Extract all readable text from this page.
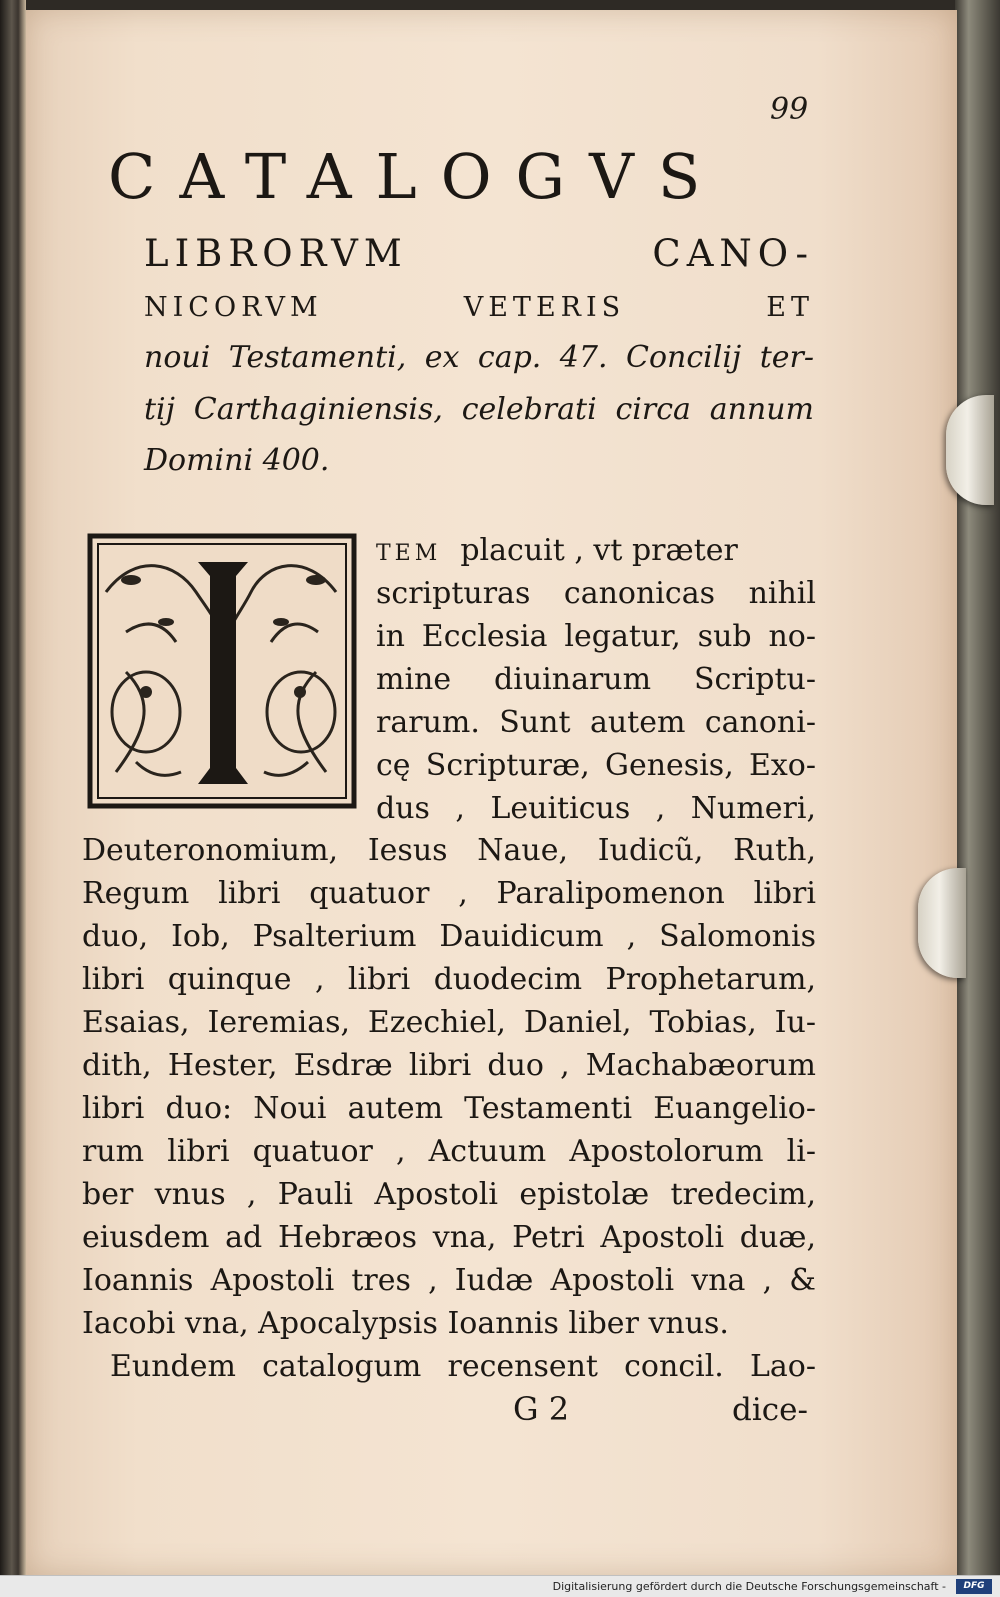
99
CATALOGVS
LIBRORVM CANO-
NICORVM VETERIS ET
noui Testamenti, ex cap. 47. Concilij ter-
tij Carthaginiensis, celebrati circa annum
Domini 400.
TEM placuit , vt præter
scripturas canonicas nihil
in Ecclesia legatur, sub no-
mine diuinarum Scriptu-
rarum. Sunt autem canoni-
cę Scripturæ, Genesis, Exo-
dus , Leuiticus , Numeri,
Deuteronomium, Iesus Naue, Iudicũ, Ruth,
Regum libri quatuor , Paralipomenon libri
duo, Iob, Psalterium Dauidicum , Salomonis
libri quinque , libri duodecim Prophetarum,
Esaias, Ieremias, Ezechiel, Daniel, Tobias, Iu-
dith, Hester, Esdræ libri duo , Machabæorum
libri duo: Noui autem Testamenti Euangelio-
rum libri quatuor , Actuum Apostolorum li-
ber vnus , Pauli Apostoli epistolæ tredecim,
eiusdem ad Hebræos vna, Petri Apostoli duæ,
Ioannis Apostoli tres , Iudæ Apostoli vna , &
Iacobi vna, Apocalypsis Ioannis liber vnus.
Eundem catalogum recensent concil. Lao-
G 2	dice-
Digitalisierung gefördert durch die Deutsche Forschungsgemeinschaft -	DFG
